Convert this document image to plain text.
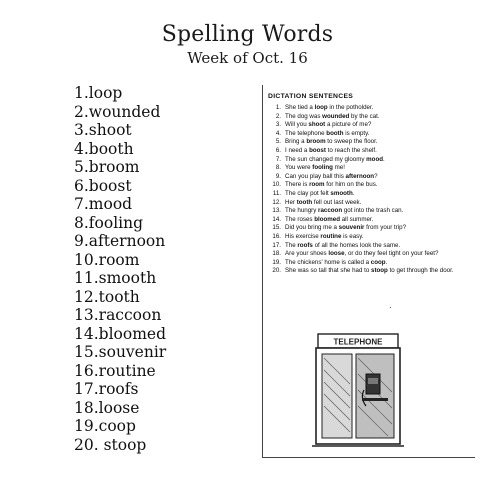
Spelling Words
Week of Oct. 16
1.loop
2.wounded
3.shoot
4.booth
5.broom
6.boost
7.mood
8.fooling
9.afternoon
10.room
11.smooth
12.tooth
13.raccoon
14.bloomed
15.souvenir
16.routine
17.roofs
18.loose
19.coop
20. stoop
DICTATION SENTENCES
1. She tied a loop in the potholder.
2. The dog was wounded by the cat.
3. Will you shoot a picture of me?
4. The telephone booth is empty.
5. Bring a broom to sweep the floor.
6. I need a boost to reach the shelf.
7. The sun changed my gloomy mood.
8. You were fooling me!
9. Can you play ball this afternoon?
10. There is room for him on the bus.
11. The clay pot felt smooth.
12. Her tooth fell out last week.
13. The hungry raccoon got into the trash can.
14. The roses bloomed all summer.
15. Did you bring me a souvenir from your trip?
16. His exercise routine is easy.
17. The roofs of all the homes look the same.
18. Are your shoes loose, or do they feel tight on your feet?
19. The chickens' home is called a coop.
20. She was so tall that she had to stoop to get through the door.
·
TELEPHONE
